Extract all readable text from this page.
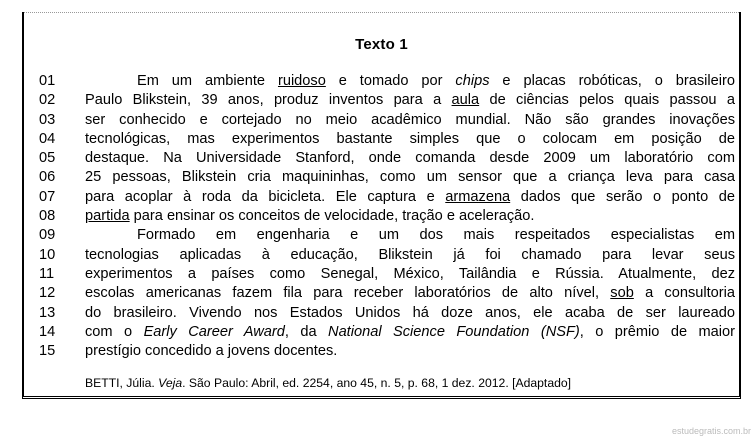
Texto 1
01	Em um ambiente ruidoso e tomado por chips e placas robóticas, o brasileiro
02	Paulo Blikstein, 39 anos, produz inventos para a aula de ciências pelos quais passou a
03	ser conhecido e cortejado no meio acadêmico mundial. Não são grandes inovações
04	tecnológicas, mas experimentos bastante simples que o colocam em posição de
05	destaque. Na Universidade Stanford, onde comanda desde 2009 um laboratório com
06	25 pessoas, Blikstein cria maquininhas, como um sensor que a criança leva para casa
07	para acoplar à roda da bicicleta. Ele captura e armazena dados que serão o ponto de
08	partida para ensinar os conceitos de velocidade, tração e aceleração.
09	Formado em engenharia e um dos mais respeitados especialistas em
10	tecnologias aplicadas à educação, Blikstein já foi chamado para levar seus
11	experimentos a países como Senegal, México, Tailândia e Rússia. Atualmente, dez
12	escolas americanas fazem fila para receber laboratórios de alto nível, sob a consultoria
13	do brasileiro. Vivendo nos Estados Unidos há doze anos, ele acaba de ser laureado
14	com o Early Career Award, da National Science Foundation (NSF), o prêmio de maior
15	prestígio concedido a jovens docentes.
BETTI, Júlia. Veja. São Paulo: Abril, ed. 2254, ano 45, n. 5, p. 68, 1 dez. 2012. [Adaptado]
estudegratis.com.br
